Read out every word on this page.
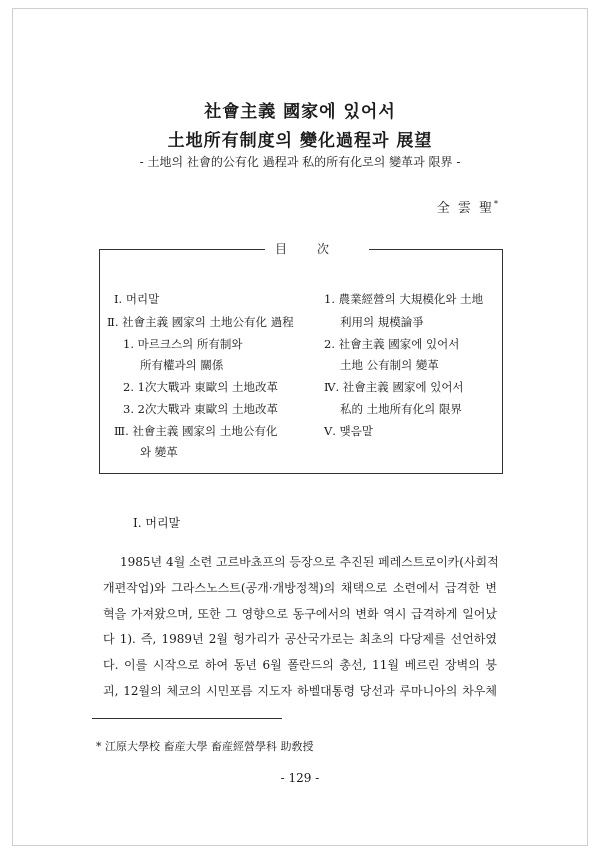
社會主義 國家에 있어서
土地所有制度의 變化過程과 展望
- 土地의 社會的公有化 過程과 私的所有化로의 變革과 限界 -
全 雲 聖*
目次
Ⅰ. 머리말
Ⅱ. 社會主義 國家의 土地公有化 過程
1. 마르크스의 所有制와
所有權과의 關係
2. 1次大戰과 東歐의 土地改革
3. 2次大戰과 東歐의 土地改革
Ⅲ. 社會主義 國家의 土地公有化
와 變革
1. 農業經營의 大規模化와 土地
利用의 規模論爭
2. 社會主義 國家에 있어서
土地 公有制의 變革
Ⅳ. 社會主義 國家에 있어서
私的 土地所有化의 限界
Ⅴ. 맺음말
Ⅰ. 머리말
1985년 4월 소련 고르바쵸프의 등장으로 추진된 페레스트로이카(사회적
개편작업)와 그라스노스트(공개·개방정책)의 채택으로 소련에서 급격한 변
혁을 가져왔으며, 또한 그 영향으로 동구에서의 변화 역시 급격하게 일어났
다 1). 즉, 1989년 2월 헝가리가 공산국가로는 최초의 다당제를 선언하였
다. 이를 시작으로 하여 동년 6월 폴란드의 총선, 11월 베르린 장벽의 붕
괴, 12월의 체코의 시민포름 지도자 하벨대통령 당선과 루마니아의 차우체
* 江原大學校 畜産大學 畜産經營學科 助敎授
- 129 -
